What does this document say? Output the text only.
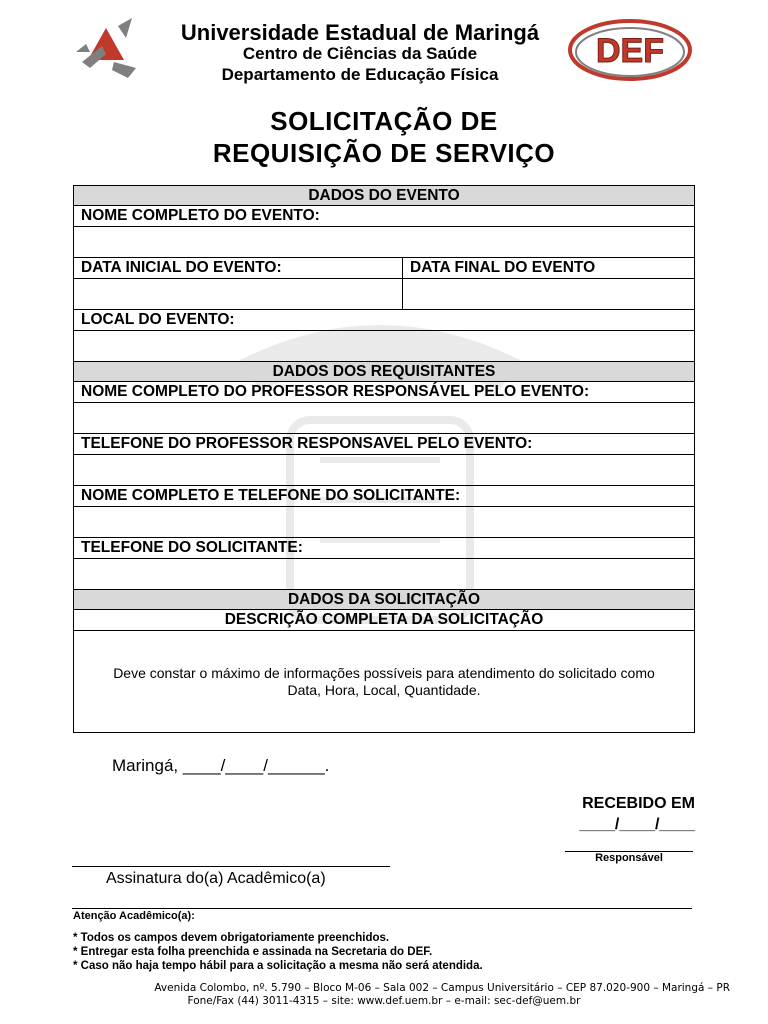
Universidade Estadual de Maringá
Centro de Ciências da Saúde
Departamento de Educação Física
DEF
SOLICITAÇÃO DE
REQUISIÇÃO DE SERVIÇO
DADOS DO EVENTO
NOME COMPLETO DO EVENTO:
DATA INICIAL DO EVENTO:	DATA FINAL DO EVENTO
LOCAL DO EVENTO:
DADOS DOS REQUISITANTES
NOME COMPLETO DO PROFESSOR RESPONSÁVEL PELO EVENTO:
TELEFONE DO PROFESSOR RESPONSAVEL PELO EVENTO:
NOME COMPLETO E TELEFONE DO SOLICITANTE:
TELEFONE DO SOLICITANTE:
DADOS DA SOLICITAÇÃO
DESCRIÇÃO COMPLETA DA SOLICITAÇÃO
Deve constar o máximo de informações possíveis para atendimento do solicitado como
Data, Hora, Local, Quantidade.
Maringá, ____/____/______.
RECEBIDO EM
____/____/____
Responsável
Assinatura do(a) Acadêmico(a)
Atenção Acadêmico(a):
* Todos os campos devem obrigatoriamente preenchidos.
* Entregar esta folha preenchida e assinada na Secretaria do DEF.
* Caso não haja tempo hábil para a solicitação a mesma não será atendida.
Avenida Colombo, nº. 5.790 – Bloco M-06 – Sala 002 – Campus Universitário – CEP 87.020-900 – Maringá – PR
Fone/Fax (44) 3011-4315 – site: www.def.uem.br – e-mail: sec-def@uem.br
